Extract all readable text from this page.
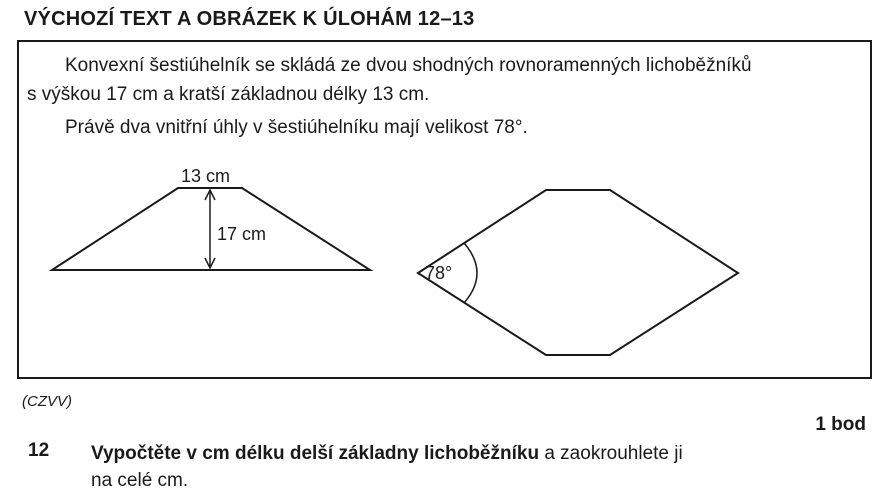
VÝCHOZÍ TEXT A OBRÁZEK K ÚLOHÁM 12–13
Konvexní šestiúhelník se skládá ze dvou shodných rovnoramenných lichoběžníků
s výškou 17 cm a kratší základnou délky 13 cm.
Právě dva vnitřní úhly v šestiúhelníku mají velikost 78°.
13 cm
17 cm
78°
(CZVV)
1 bod
12 Vypočtěte v cm délku delší základny lichoběžníku a zaokrouhlete ji
na celé cm.
